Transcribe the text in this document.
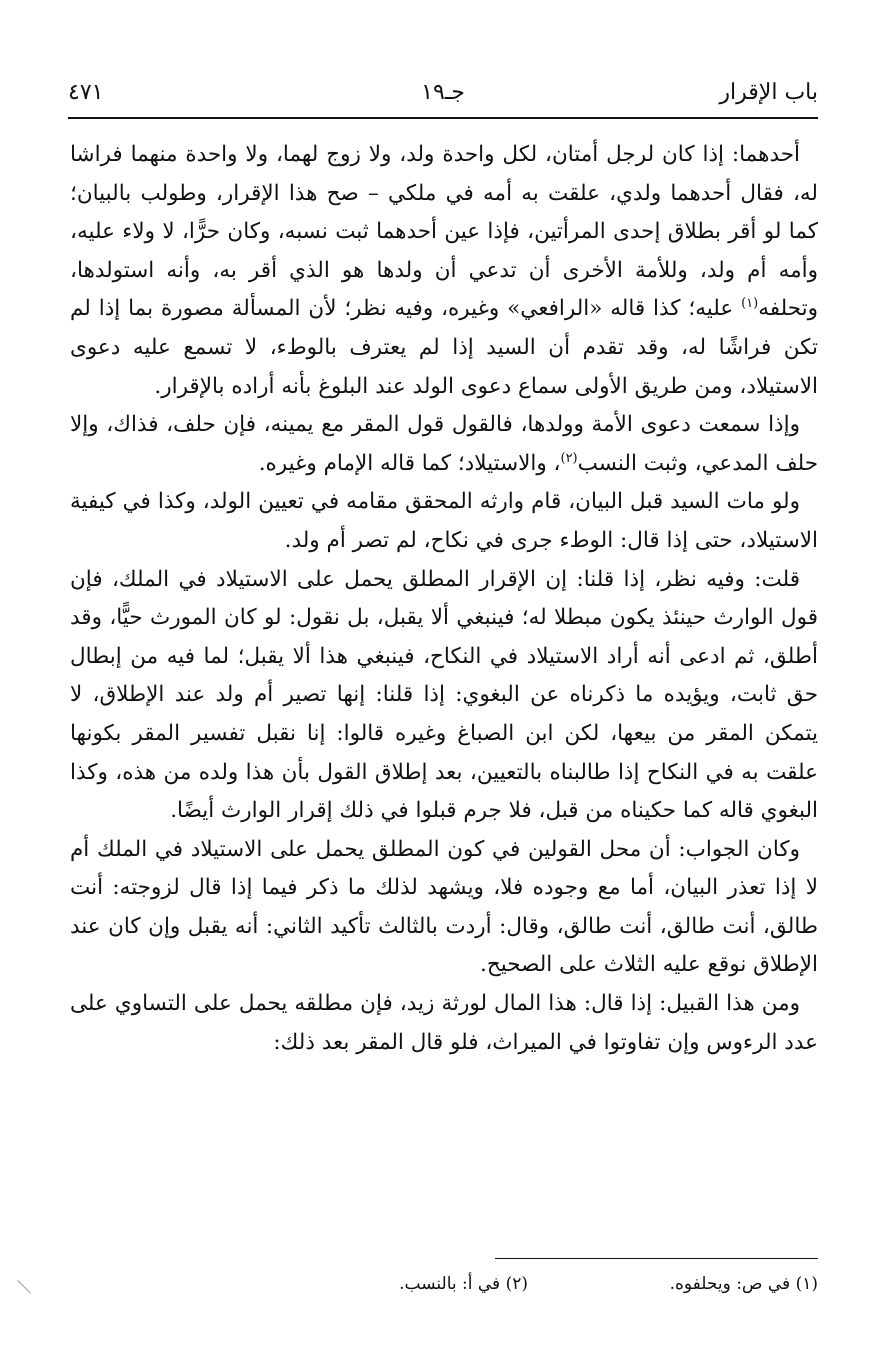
باب الإقرار
جـ١٩
٤٧١

أحدهما: إذا كان لرجل أمتان، لكل واحدة ولد، ولا زوج لهما، ولا واحدة منهما فراشا له، فقال أحدهما ولدي، علقت به أمه في ملكي – صح هذا الإقرار، وطولب بالبيان؛ كما لو أقر بطلاق إحدى المرأتين، فإذا عين أحدهما ثبت نسبه، وكان حرًّا، لا ولاء عليه، وأمه أم ولد، وللأمة الأخرى أن تدعي أن ولدها هو الذي أقر به، وأنه استولدها، وتحلفه$^{(١)}$ عليه؛ كذا قاله «الرافعي» وغيره، وفيه نظر؛ لأن المسألة مصورة بما إذا لم تكن فراشًا له، وقد تقدم أن السيد إذا لم يعترف بالوطء، لا تسمع عليه دعوى الاستيلاد، ومن طريق الأولى سماع دعوى الولد عند البلوغ بأنه أراده بالإقرار.

وإذا سمعت دعوى الأمة وولدها، فالقول قول المقر مع يمينه، فإن حلف، فذاك، وإلا حلف المدعي، وثبت النسب$^{(٢)}$، والاستيلاد؛ كما قاله الإمام وغيره.

ولو مات السيد قبل البيان، قام وارثه المحقق مقامه في تعيين الولد، وكذا في كيفية الاستيلاد، حتى إذا قال: الوطء جرى في نكاح، لم تصر أم ولد.

قلت: وفيه نظر، إذا قلنا: إن الإقرار المطلق يحمل على الاستيلاد في الملك، فإن قول الوارث حينئذ يكون مبطلا له؛ فينبغي ألا يقبل، بل نقول: لو كان المورث حيًّا، وقد أطلق، ثم ادعى أنه أراد الاستيلاد في النكاح، فينبغي هذا ألا يقبل؛ لما فيه من إبطال حق ثابت، ويؤيده ما ذكرناه عن البغوي: إذا قلنا: إنها تصير أم ولد عند الإطلاق، لا يتمكن المقر من بيعها، لكن ابن الصباغ وغيره قالوا: إنا نقبل تفسير المقر بكونها علقت به في النكاح إذا طالبناه بالتعيين، بعد إطلاق القول بأن هذا ولده من هذه، وكذا البغوي قاله كما حكيناه من قبل، فلا جرم قبلوا في ذلك إقرار الوارث أيضًا.

وكان الجواب: أن محل القولين في كون المطلق يحمل على الاستيلاد في الملك أم لا إذا تعذر البيان، أما مع وجوده فلا، ويشهد لذلك ما ذكر فيما إذا قال لزوجته: أنت طالق، أنت طالق، أنت طالق، وقال: أردت بالثالث تأكيد الثاني: أنه يقبل وإن كان عند الإطلاق نوقع عليه الثلاث على الصحيح.

ومن هذا القبيل: إذا قال: هذا المال لورثة زيد، فإن مطلقه يحمل على التساوي على عدد الرءوس وإن تفاوتوا في الميراث، فلو قال المقر بعد ذلك:

(١) في ص: ويحلفوه.
(٢) في أ: بالنسب.
